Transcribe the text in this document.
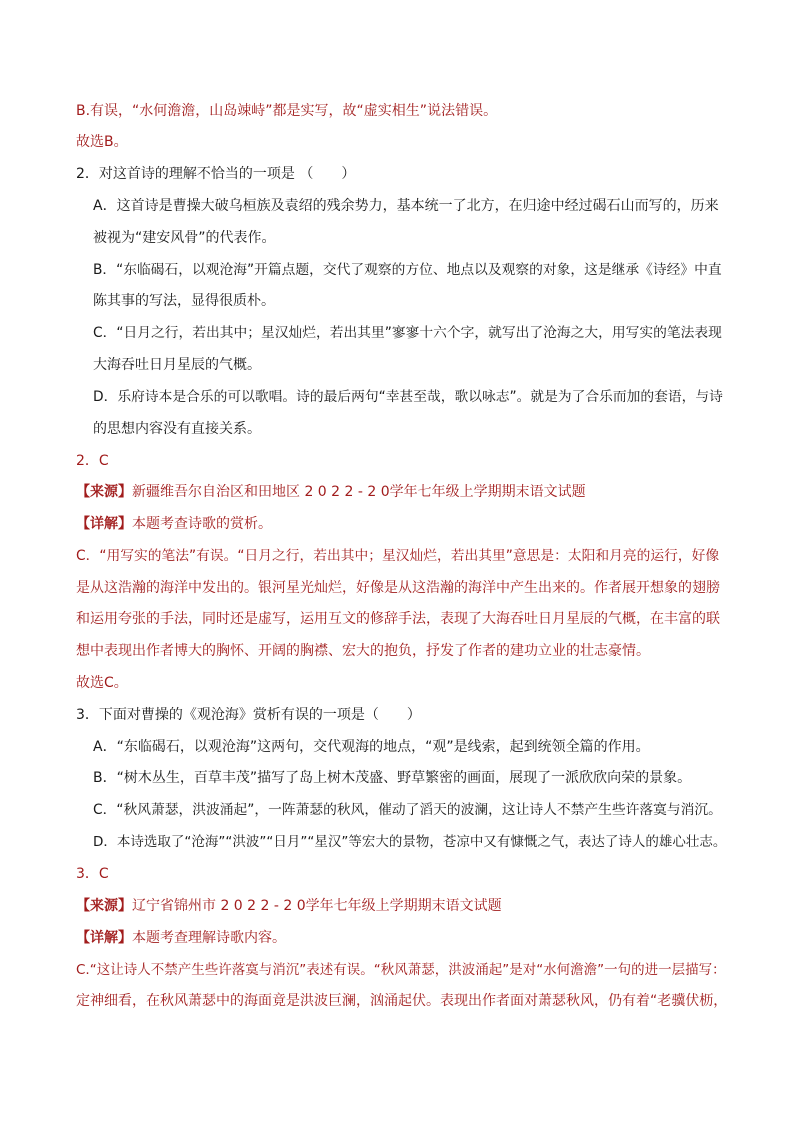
B.有误，“水何澹澹，山岛竦峙”都是实写，故“虚实相生”说法错误。
故选B。
2．对这首诗的理解不恰当的一项是 （　　）
A．这首诗是曹操大破乌桓族及袁绍的残余势力，基本统一了北方，在归途中经过碣石山而写的，历来
被视为“建安风骨”的代表作。
B．“东临碣石，以观沧海”开篇点题，交代了观察的方位、地点以及观察的对象，这是继承《诗经》中直
陈其事的写法，显得很质朴。
C．“日月之行，若出其中；星汉灿烂，若出其里”寥寥十六个字，就写出了沧海之大，用写实的笔法表现
大海吞吐日月星辰的气概。
D．乐府诗本是合乐的可以歌唱。诗的最后两句“幸甚至哉，歌以咏志”。就是为了合乐而加的套语，与诗
的思想内容没有直接关系。
2．C
【来源】新疆维吾尔自治区和田地区 2 0 2 2 - 2 0学年七年级上学期期末语文试题
【详解】本题考查诗歌的赏析。
C．“用写实的笔法”有误。“日月之行，若出其中；星汉灿烂，若出其里”意思是：太阳和月亮的运行，好像
是从这浩瀚的海洋中发出的。银河星光灿烂，好像是从这浩瀚的海洋中产生出来的。作者展开想象的翅膀
和运用夸张的手法，同时还是虚写，运用互文的修辞手法，表现了大海吞吐日月星辰的气概，在丰富的联
想中表现出作者博大的胸怀、开阔的胸襟、宏大的抱负，抒发了作者的建功立业的壮志豪情。
故选C。
3．下面对曹操的《观沧海》赏析有误的一项是（　　）
A．“东临碣石，以观沧海”这两句，交代观海的地点，“观”是线索，起到统领全篇的作用。
B．“树木丛生，百草丰茂”描写了岛上树木茂盛、野草繁密的画面，展现了一派欣欣向荣的景象。
C．“秋风萧瑟，洪波涌起”，一阵萧瑟的秋风，催动了滔天的波澜，这让诗人不禁产生些许落寞与消沉。
D．本诗选取了“沧海”“洪波”“日月”“星汉”等宏大的景物，苍凉中又有慷慨之气，表达了诗人的雄心壮志。
3．C
【来源】辽宁省锦州市 2 0 2 2 - 2 0学年七年级上学期期末语文试题
【详解】本题考查理解诗歌内容。
C.“这让诗人不禁产生些许落寞与消沉”表述有误。“秋风萧瑟，洪波涌起”是对“水何澹澹”一句的进一层描写：
定神细看，在秋风萧瑟中的海面竟是洪波巨澜，汹涌起伏。表现出作者面对萧瑟秋风，仍有着“老骥伏枥，
